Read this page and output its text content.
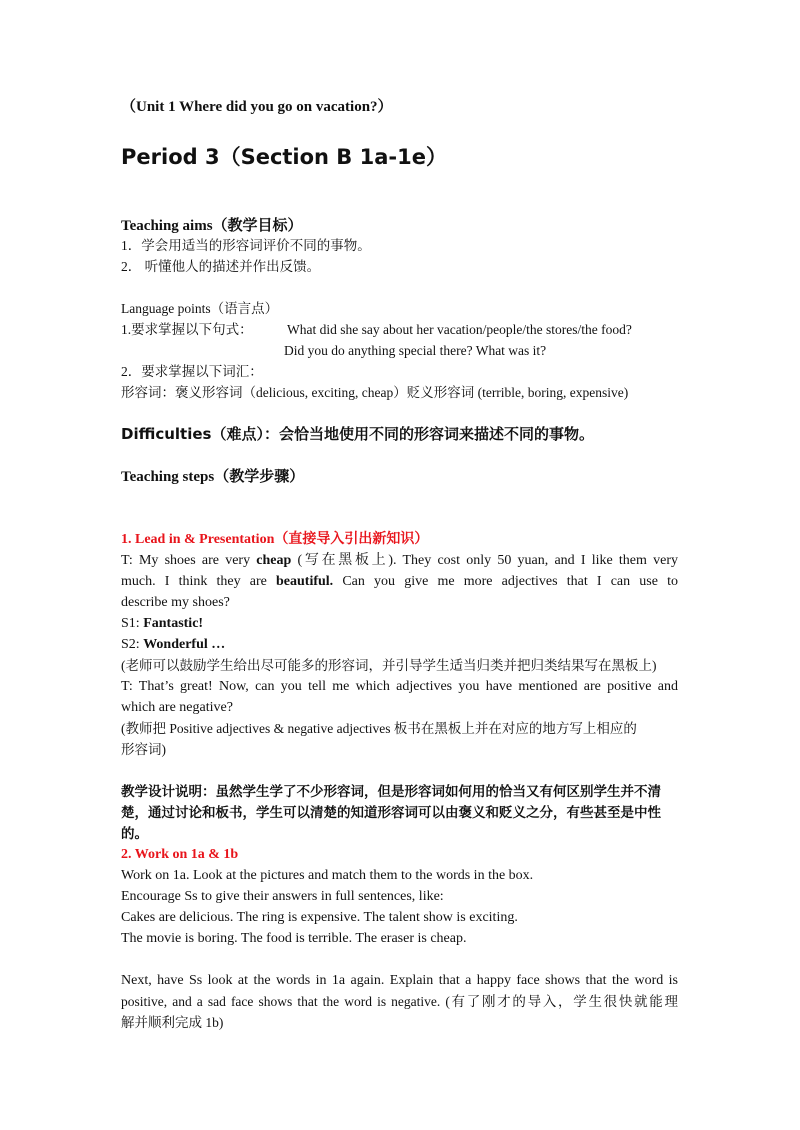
（Unit 1 Where did you go on vacation?）
Period 3（Section B 1a-1e）
Teaching aims（教学目标）
1．学会用适当的形容词评价不同的事物。
2． 听懂他人的描述并作出反馈。
Language points（语言点）
1.要求掌握以下句式：	What did she say about her vacation/people/the stores/the food?
Did you do anything special there? What was it?
2．要求掌握以下词汇：
形容词：褒义形容词（delicious, exciting, cheap）贬义形容词 (terrible, boring, expensive)
Difficulties（难点）：会恰当地使用不同的形容词来描述不同的事物。
Teaching steps（教学步骤）
1. Lead in & Presentation（直接导入引出新知识）
T: My shoes are very cheap (写在黑板上). They cost only 50 yuan, and I like them very
much. I think they are beautiful. Can you give me more adjectives that I can use to
describe my shoes?
S1: Fantastic!
S2: Wonderful …
(老师可以鼓励学生给出尽可能多的形容词，并引导学生适当归类并把归类结果写在黑板上)
T: That’s great! Now, can you tell me which adjectives you have mentioned are positive and
which are negative?
(教师把 Positive adjectives & negative adjectives 板书在黑板上并在对应的地方写上相应的
形容词)
教学设计说明：虽然学生学了不少形容词，但是形容词如何用的恰当又有何区别学生并不清
楚，通过讨论和板书，学生可以清楚的知道形容词可以由褒义和贬义之分，有些甚至是中性
的。
2. Work on 1a & 1b
Work on 1a. Look at the pictures and match them to the words in the box.
Encourage Ss to give their answers in full sentences, like:
Cakes are delicious. The ring is expensive. The talent show is exciting.
The movie is boring. The food is terrible. The eraser is cheap.
Next, have Ss look at the words in 1a again. Explain that a happy face shows that the word is
positive, and a sad face shows that the word is negative. (有了刚才的导入，学生很快就能理
解并顺利完成 1b)
